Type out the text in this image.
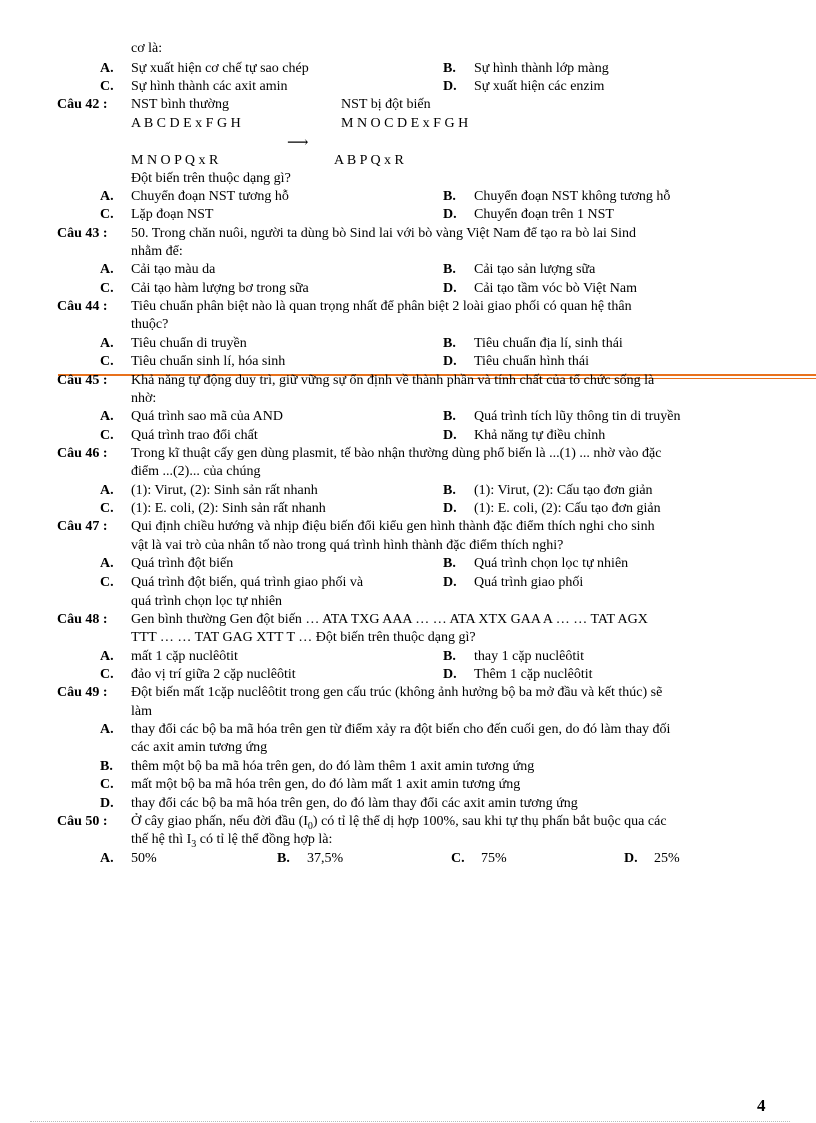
cơ là:
A. Sự xuất hiện cơ chế tự sao chép	B. Sự hình thành lớp màng
C. Sự hình thành các axit amin	D. Sự xuất hiện các enzim
Câu 42 : NST bình thường	NST bị đột biến
A B C D E x F G H	M N O C D E x F G H
⟶
M N O P Q x R	A B P Q x R
Đột biến trên thuộc dạng gì?
A. Chuyển đoạn NST tương hỗ	B. Chuyển đoạn NST không tương hỗ
C. Lặp đoạn NST	D. Chuyển đoạn trên 1 NST
Câu 43 : 50. Trong chăn nuôi, người ta dùng bò Sind lai với bò vàng Việt Nam để tạo ra bò lai Sind
nhằm để:
A. Cải tạo màu da	B. Cải tạo sản lượng sữa
C. Cải tạo hàm lượng bơ trong sữa	D. Cải tạo tầm vóc bò Việt Nam
Câu 44 : Tiêu chuẩn phân biệt nào là quan trọng nhất để phân biệt 2 loài giao phối có quan hệ thân
thuộc?
A. Tiêu chuẩn di truyền	B. Tiêu chuẩn địa lí, sinh thái
C. Tiêu chuẩn sinh lí, hóa sinh	D. Tiêu chuẩn hình thái
Câu 45 : Khả năng tự động duy trì, giữ vững sự ổn định về thành phần và tính chất của tổ chức sống là
nhờ:
A. Quá trình sao mã của AND	B. Quá trình tích lũy thông tin di truyền
C. Quá trình trao đổi chất	D. Khả năng tự điều chỉnh
Câu 46 : Trong kĩ thuật cấy gen dùng plasmit, tế bào nhận thường dùng phổ biến là ...(1) ... nhờ vào đặc
điểm ...(2)... của chúng
A. (1): Virut, (2): Sinh sản rất nhanh	B. (1): Virut, (2): Cấu tạo đơn giản
C. (1): E. coli, (2): Sinh sản rất nhanh	D. (1): E. coli, (2): Cấu tạo đơn giản
Câu 47 : Qui định chiều hướng và nhịp điệu biến đổi kiểu gen hình thành đặc điểm thích nghi cho sinh
vật là vai trò của nhân tố nào trong quá trình hình thành đặc điểm thích nghi?
A. Quá trình đột biến	B. Quá trình chọn lọc tự nhiên
C. Quá trình đột biến, quá trình giao phối và	D. Quá trình giao phối
quá trình chọn lọc tự nhiên
Câu 48 : Gen bình thường Gen đột biến … ATA TXG AAA … … ATA XTX GAA A … … TAT AGX
TTT … … TAT GAG XTT T … Đột biến trên thuộc dạng gì?
A. mất 1 cặp nuclêôtit	B. thay 1 cặp nuclêôtit
C. đảo vị trí giữa 2 cặp nuclêôtit	D. Thêm 1 cặp nuclêôtit
Câu 49 : Đột biến mất 1cặp nuclêôtit trong gen cấu trúc (không ảnh hưởng bộ ba mở đầu và kết thúc) sẽ
làm
A. thay đổi các bộ ba mã hóa trên gen từ điểm xảy ra đột biến cho đến cuối gen, do đó làm thay đối
các axit amin tương ứng
B. thêm một bộ ba mã hóa trên gen, do đó làm thêm 1 axit amin tương ứng
C. mất một bộ ba mã hóa trên gen, do đó làm mất 1 axit amin tương ứng
D. thay đổi các bộ ba mã hóa trên gen, do đó làm thay đổi các axit amin tương ứng
Câu 50 : Ở cây giao phấn, nếu đời đầu $(I_0)$ có tỉ lệ thể dị hợp 100%, sau khi tự thụ phấn bắt buộc qua các
thế hệ thì $I_3$ có tỉ lệ thể đồng hợp là:
A. 50%	B. 37,5%	C. 75%	D. 25%
4
